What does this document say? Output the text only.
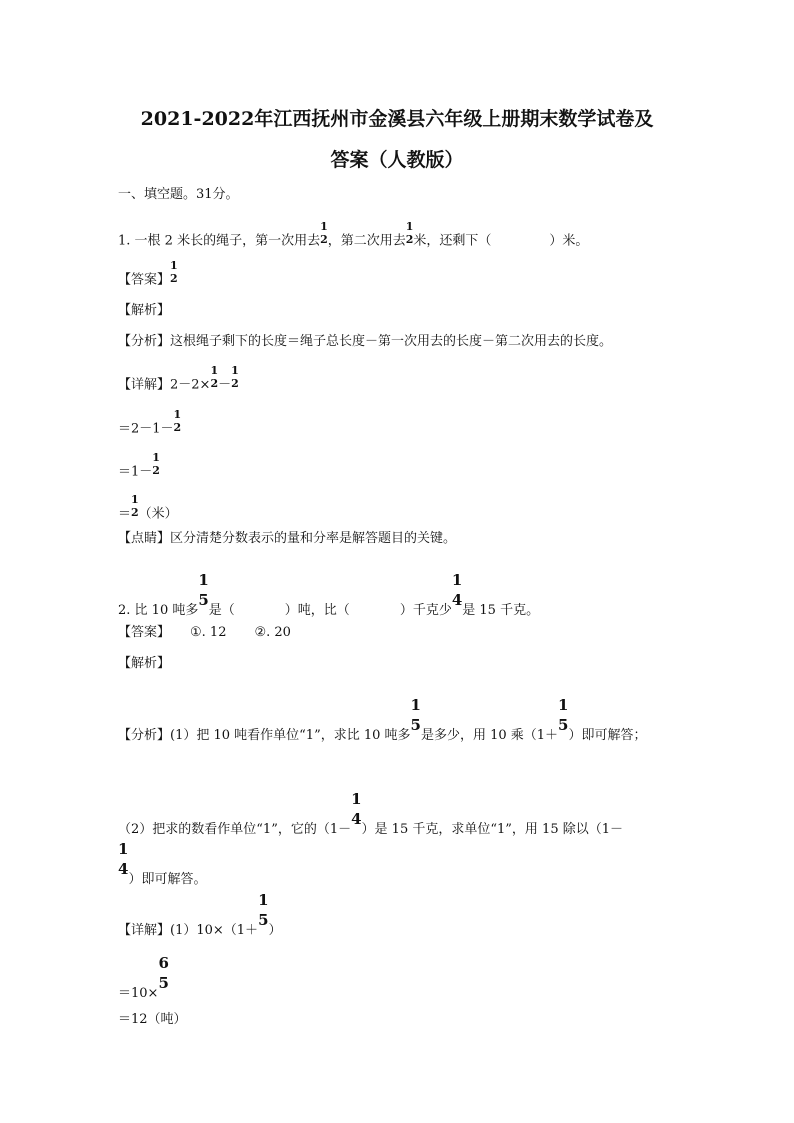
2021-2022年江西抚州市金溪县六年级上册期末数学试卷及
答案（人教版）
一、填空题。31分。
1. 一根 2 米长的绳子，第一次用去
1
2 ，第二次用去
1
2 米，还剩下（	）米。
【答案】
1
2
【解析】
【分析】这根绳子剩下的长度＝绳子总长度－第一次用去的长度－第二次用去的长度。
【详解】2－2×
1
2 －
1
2
＝2－1－
1
2
＝1－
1
2
＝
1
2 （米）
【点睛】区分清楚分数表示的量和分率是解答题目的关键。
2. 比 10 吨多
1
5
是（	）吨，比（	）千克少
1
4
是 15 千克。
【答案】 ①. 12 ②. 20
【解析】
【分析】(1）把 10 吨看作单位“1”，求比 10 吨多
1
5
是多少，用 10 乘（1＋
1
5
）即可解答；
（2）把求的数看作单位“1”，它的（1－
1
4
）是 15 千克，求单位“1”，用 15 除以（1－
1
4
）即可解答。
【详解】(1）10×（1＋
1
5
）
＝10×
6
5
＝12（吨）
